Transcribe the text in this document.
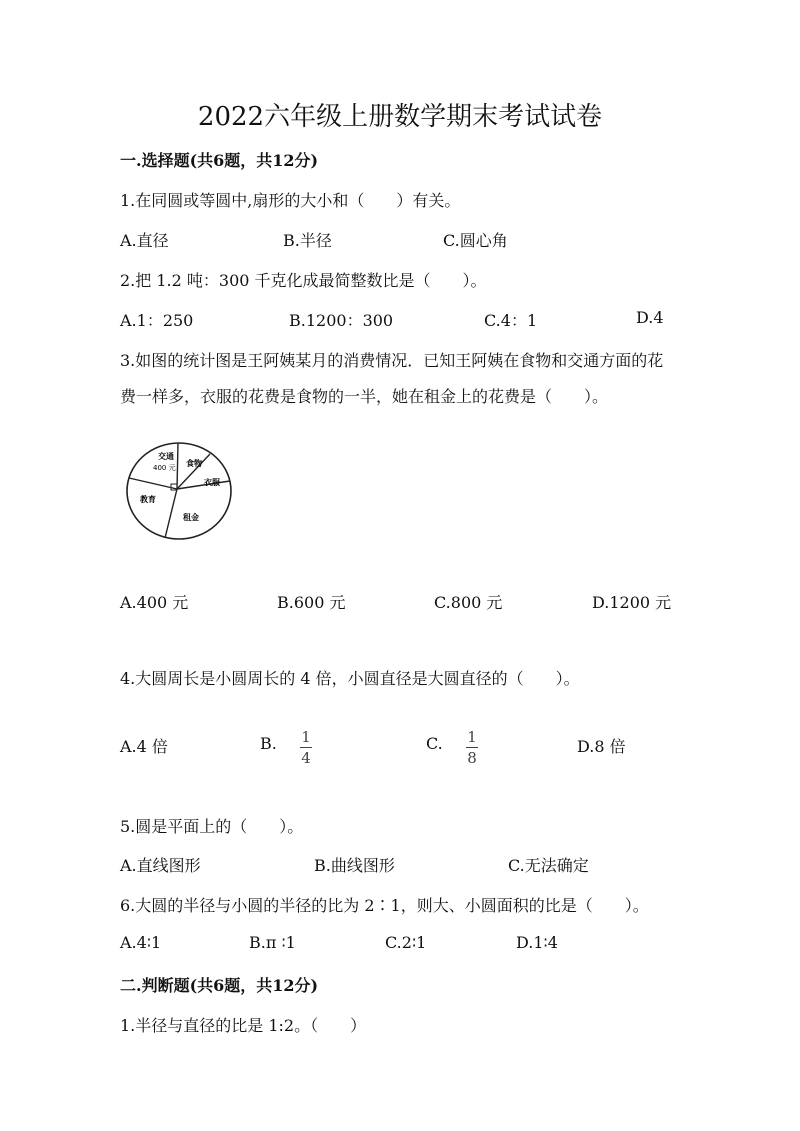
2022六年级上册数学期末考试试卷
一.选择题(共6题，共12分)
1.在同圆或等圆中,扇形的大小和（　　）有关。
A.直径	B.半径	C.圆心角
2.把 1.2 吨：300 千克化成最简整数比是（　　）。
A.1：250	B.1200：300	C.4：1	D.4
3.如图的统计图是王阿姨某月的消费情况．已知王阿姨在食物和交通方面的花
费一样多，衣服的花费是食物的一半，她在租金上的花费是（　　）。
交通
400 元 食物
衣服
教育
租金
A.400 元	B.600 元	C.800 元	D.1200 元
4.大圆周长是小圆周长的 4 倍，小圆直径是大圆直径的（　　）。
A.4 倍	B. $\frac{1}{4}$	C. $\frac{1}{8}$	D.8 倍
5.圆是平面上的（　　）。
A.直线图形	B.曲线图形	C.无法确定
6.大圆的半径与小圆的半径的比为 2∶1，则大、小圆面积的比是（　　）。
A.4∶1	B.π ∶1	C.2∶1	D.1∶4
二.判断题(共6题，共12分)
1.半径与直径的比是 1:2。（　　）
